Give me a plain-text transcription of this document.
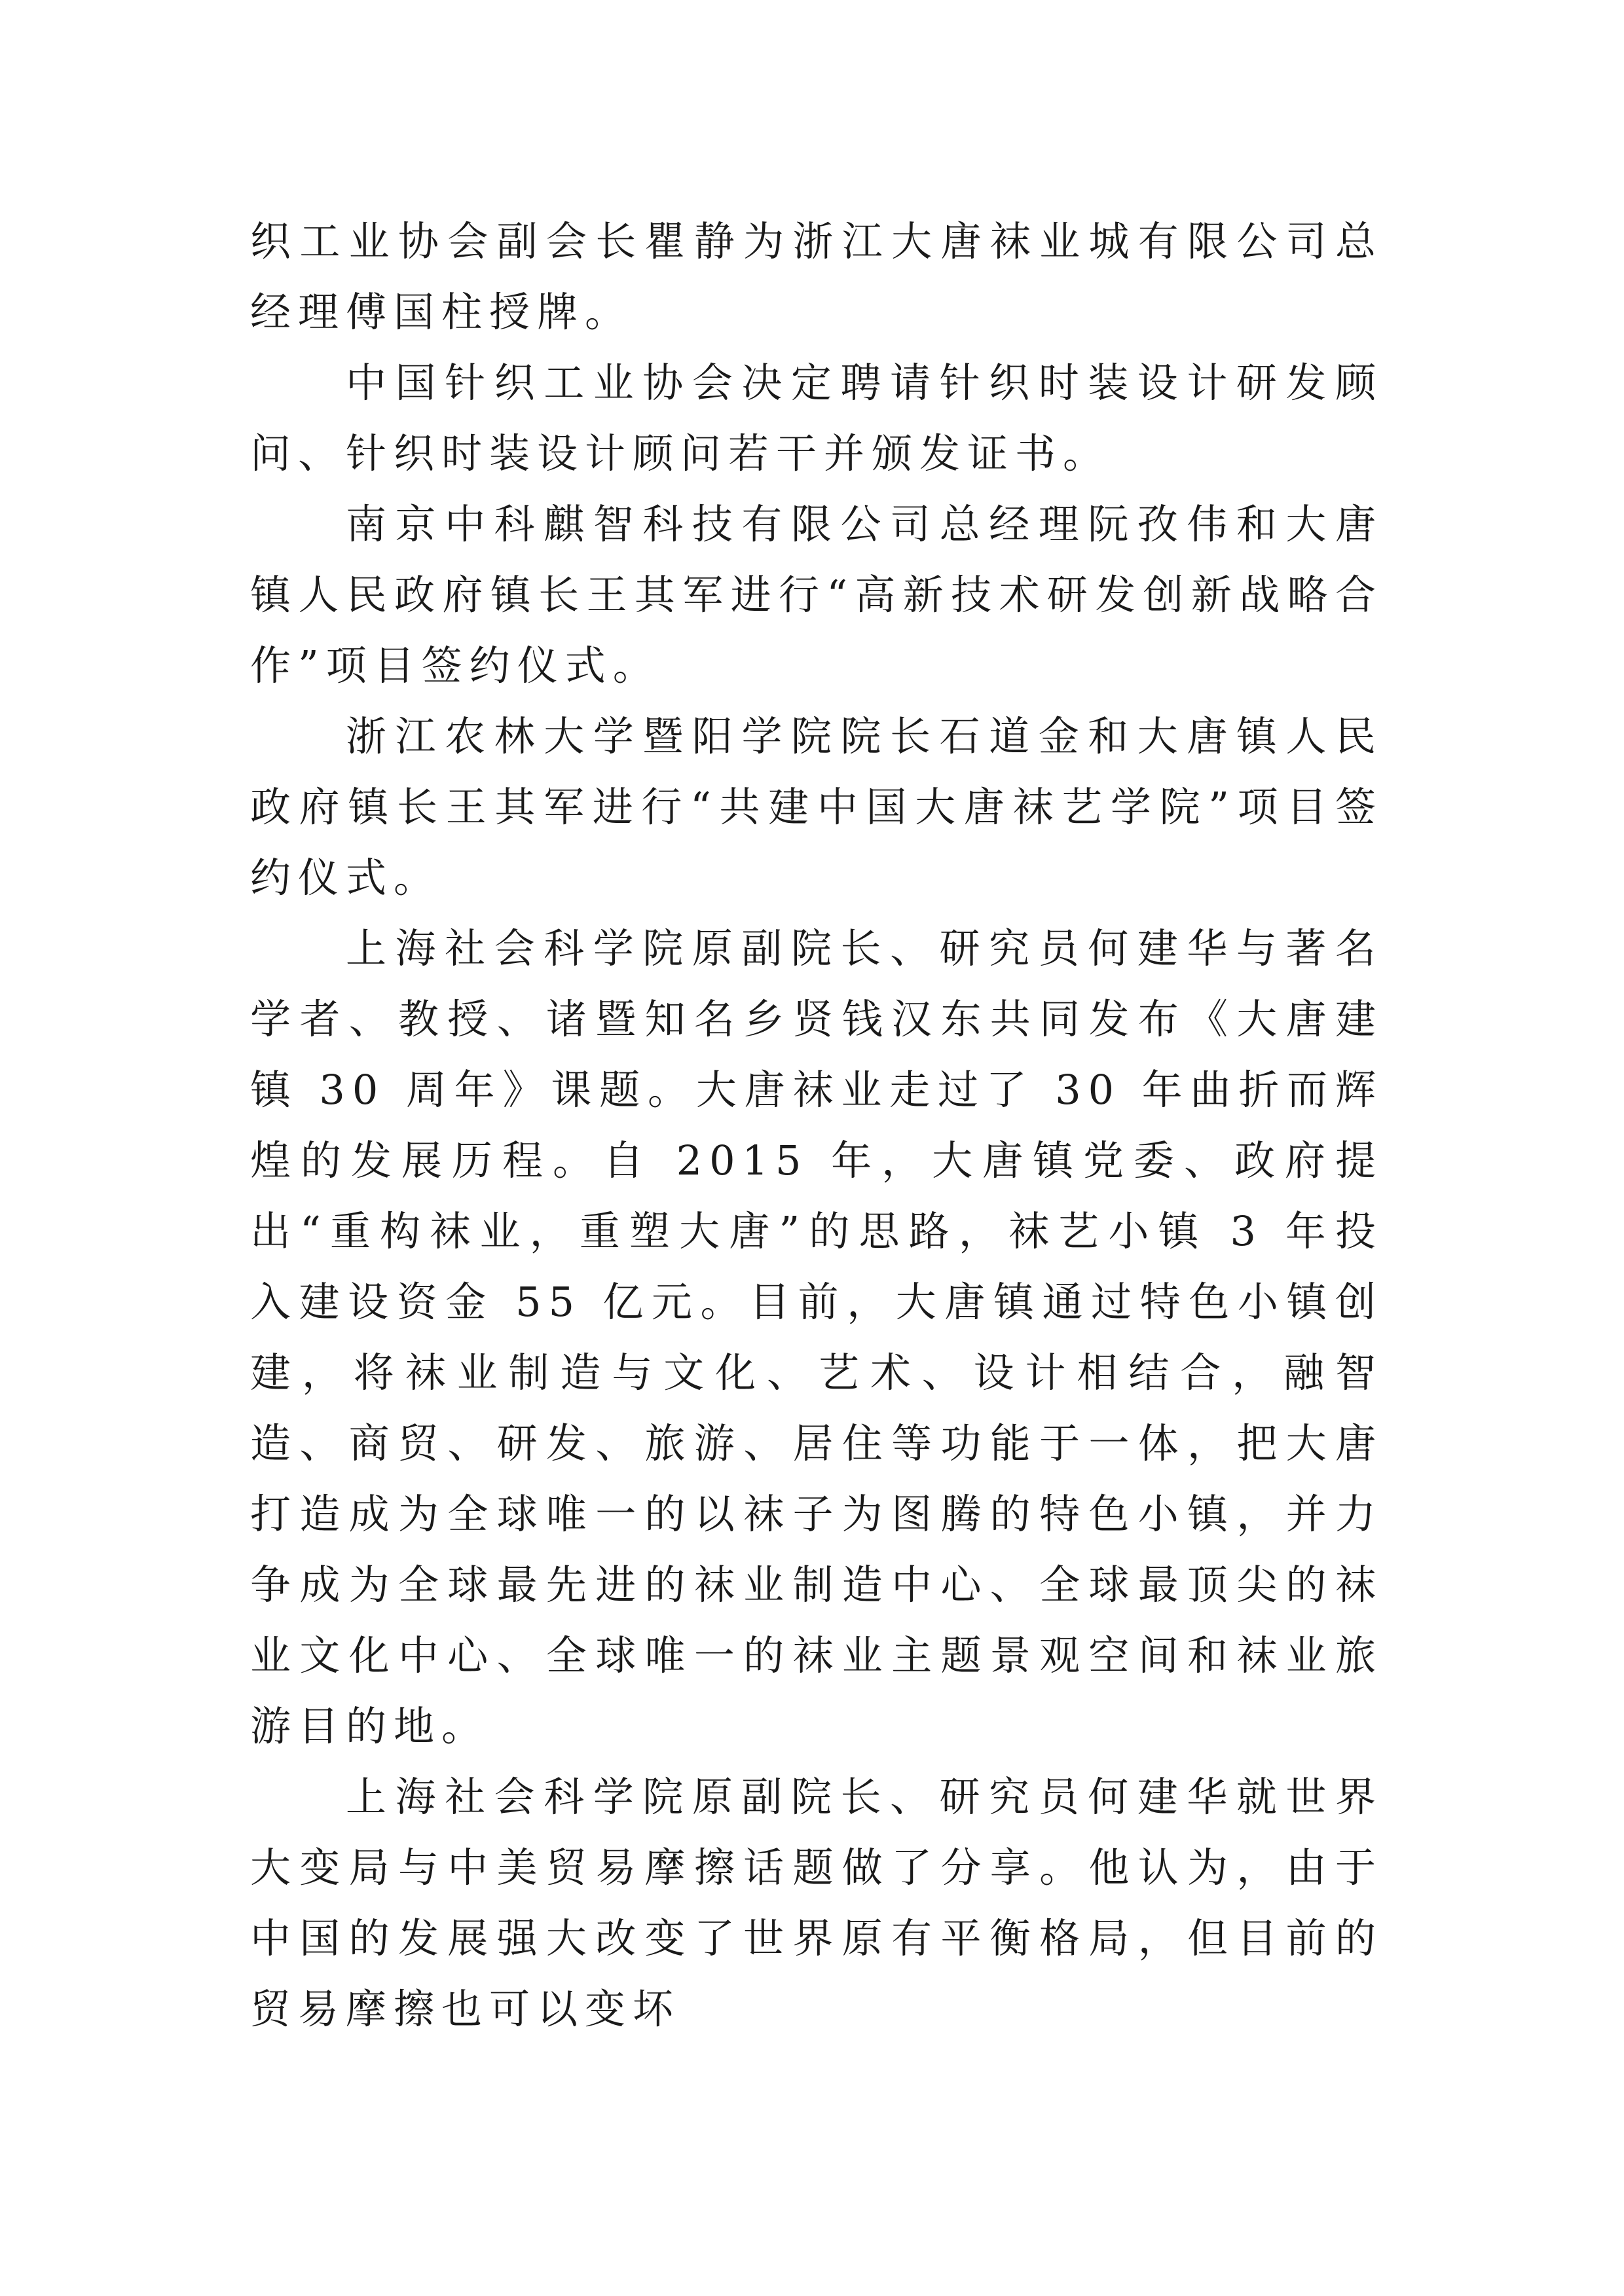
织工业协会副会长瞿静为浙江大唐袜业城有限公司总经理傅国柱授牌。

中国针织工业协会决定聘请针织时装设计研发顾问、针织时装设计顾问若干并颁发证书。

南京中科麒智科技有限公司总经理阮孜伟和大唐镇人民政府镇长王其军进行“高新技术研发创新战略合作”项目签约仪式。

浙江农林大学暨阳学院院长石道金和大唐镇人民政府镇长王其军进行“共建中国大唐袜艺学院”项目签约仪式。

上海社会科学院原副院长、研究员何建华与著名学者、教授、诸暨知名乡贤钱汉东共同发布《大唐建镇 30 周年》课题。大唐袜业走过了 30 年曲折而辉煌的发展历程。自 2015 年，大唐镇党委、政府提出“重构袜业，重塑大唐”的思路，袜艺小镇 3 年投入建设资金 55 亿元。目前，大唐镇通过特色小镇创建，将袜业制造与文化、艺术、设计相结合，融智造、商贸、研发、旅游、居住等功能于一体，把大唐打造成为全球唯一的以袜子为图腾的特色小镇，并力争成为全球最先进的袜业制造中心、全球最顶尖的袜业文化中心、全球唯一的袜业主题景观空间和袜业旅游目的地。

上海社会科学院原副院长、研究员何建华就世界大变局与中美贸易摩擦话题做了分享。他认为，由于中国的发展强大改变了世界原有平衡格局，但目前的贸易摩擦也可以变坏
